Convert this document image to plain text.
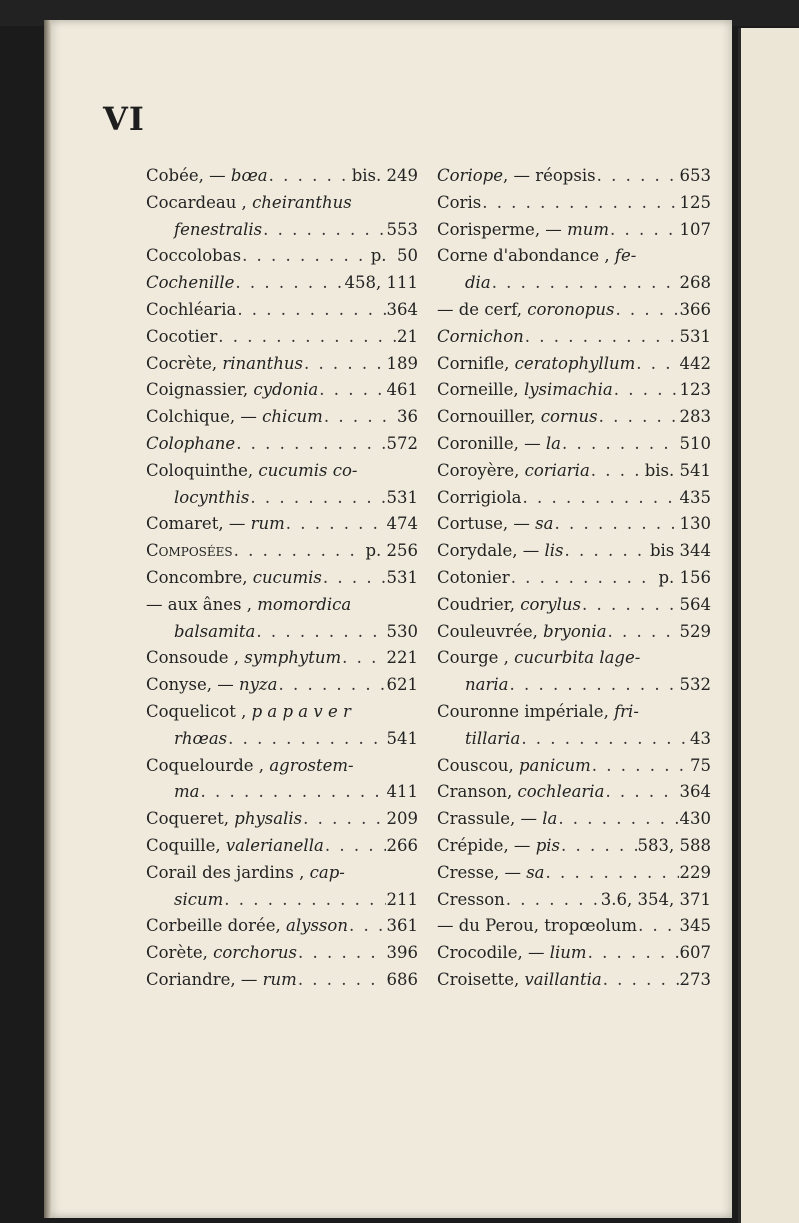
VI
Cobée, — bœa . . .	bis. 249
Cocardeau , cheiranthus
fenestralis . . .	553
Coccolobas . . .	p.  50
Cochenille . . .	458, 111
Cochléaria . . .	364
Cocotier . . .	21
Cocrète, rinanthus . . .	189
Coignassier, cydonia . . .	461
Colchique, — chicum . . .	36
Colophane . . .	572
Coloquinthe, cucumis co-
locynthis . . .	531
Comaret, — rum . . .	474
Composées . . .	p. 256
Concombre, cucumis . . .	531
— aux ânes , momordica
balsamita . . .	530
Consoude , symphytum . . .	221
Conyse, — nyza . . .	621
Coquelicot , p a p a v e r
rhœas . . .	541
Coquelourde , agrostem-
ma . . .	411
Coqueret, physalis . . .	209
Coquille, valerianella . . .	266
Corail des jardins , cap-
sicum . . .	211
Corbeille dorée, alysson . . . 361
Corète, corchorus . . .	396
Coriandre, — rum . . .	686
Coriope, — réopsis . . .	653
Coris . . .	125
Corisperme, — mum . . .	107
Corne d'abondance , fe-
dia . . .	268
— de cerf, coronopus . . .	366
Cornichon . . .	531
Cornifle, ceratophyllum . . .	442
Corneille, lysimachia . . .	123
Cornouiller, cornus . . .	283
Coronille, — la . . .	510
Coroyère, coriaria . . .	bis. 541
Corrigiola . . .	435
Cortuse, — sa . . .	130
Corydale, — lis . . .	bis 344
Cotonier . . .	p. 156
Coudrier, corylus . . .	564
Couleuvrée, bryonia . . .	529
Courge , cucurbita lage-
naria . . .	532
Couronne impériale, fri-
tillaria . . .	43
Couscou, panicum . . .	75
Cranson, cochlearia . . .	364
Crassule, — la . . .	430
Crépide, — pis . . .	583, 588
Cresse, — sa . . .	229
Cresson . . .	3.6, 354, 371
— du Perou, tropœolum . . .	345
Crocodile, — lium . . .	607
Croisette, vaillantia . . .	273
